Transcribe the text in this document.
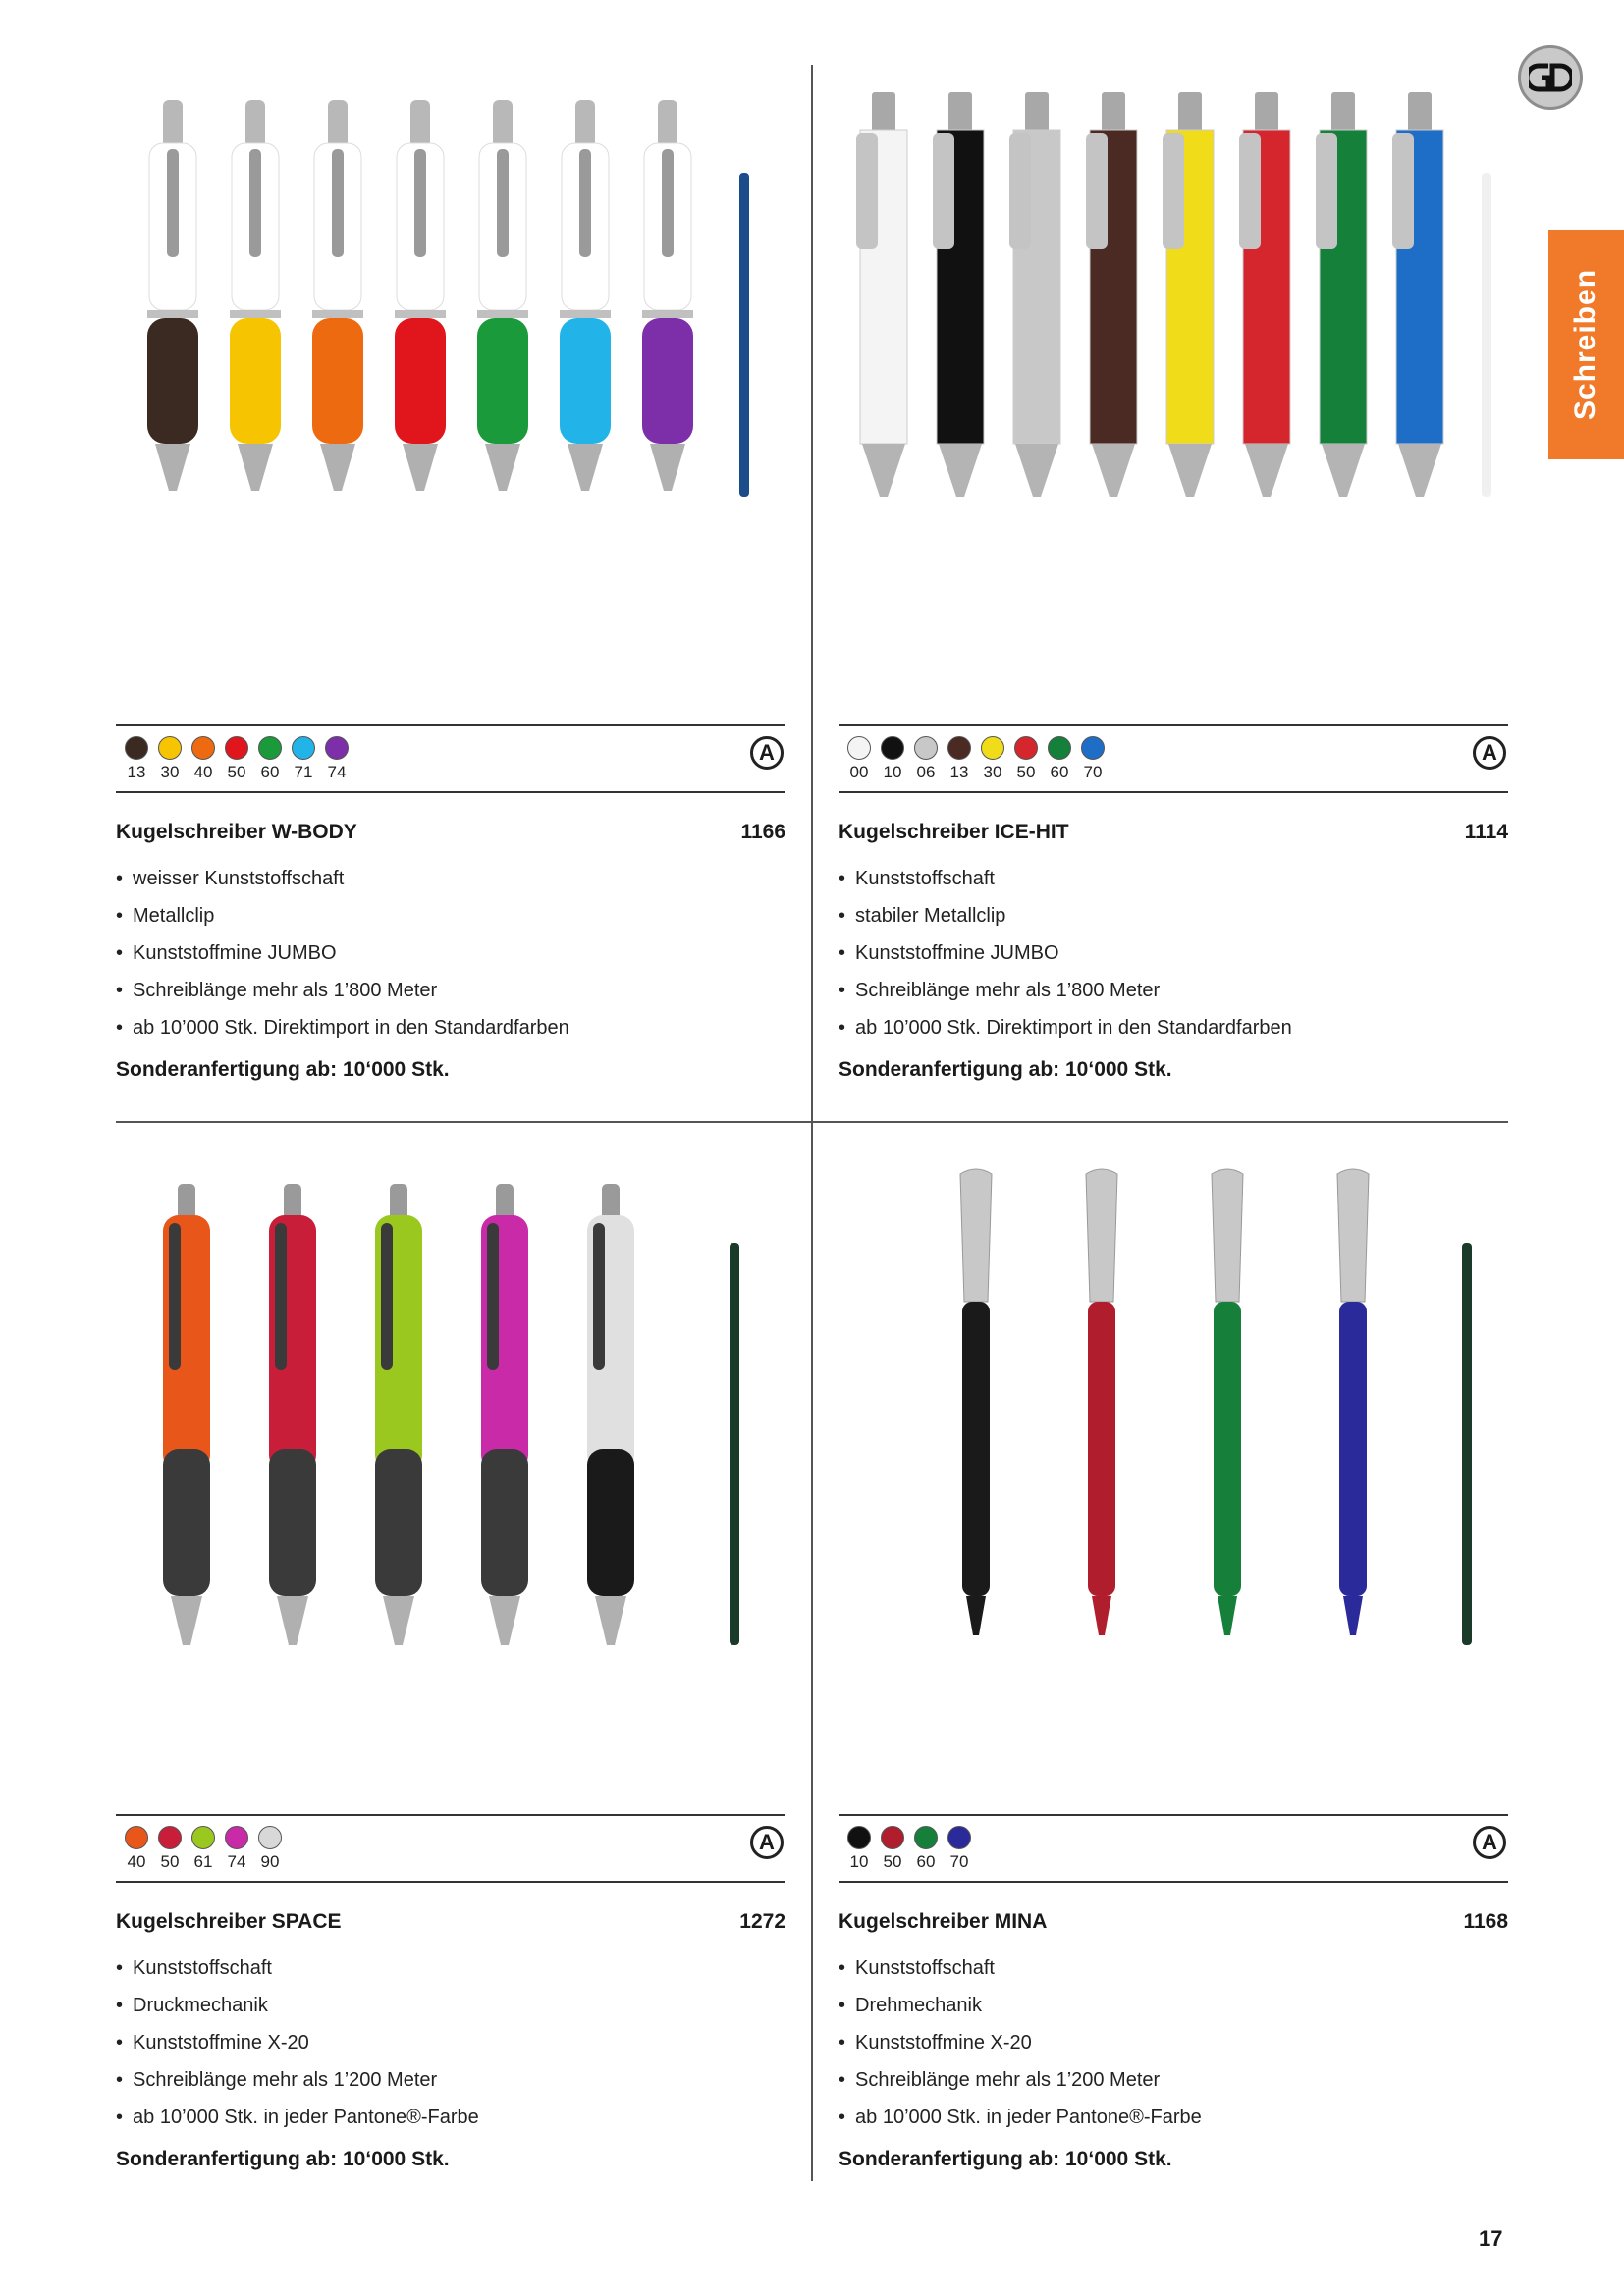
Schreiben
13 30 40 50 60 71 74
A
Kugelschreiber W-BODY	1166
• weisser Kunststoffschaft
• Metallclip
• Kunststoffmine JUMBO
• Schreiblänge mehr als 1’800 Meter
• ab 10’000 Stk. Direktimport in den Standardfarben
Sonderanfertigung ab: 10‘000 Stk.
00 10 06 13 30 50 60 70
A
Kugelschreiber ICE-HIT	1114
• Kunststoffschaft
• stabiler Metallclip
• Kunststoffmine JUMBO
• Schreiblänge mehr als 1’800 Meter
• ab 10’000 Stk. Direktimport in den Standardfarben
Sonderanfertigung ab: 10‘000 Stk.
40 50 61 74 90
A
Kugelschreiber SPACE	1272
• Kunststoffschaft
• Druckmechanik
• Kunststoffmine X-20
• Schreiblänge mehr als 1’200 Meter
• ab 10’000 Stk. in jeder Pantone®-Farbe
Sonderanfertigung ab: 10‘000 Stk.
10 50 60 70
A
Kugelschreiber MINA	1168
• Kunststoffschaft
• Drehmechanik
• Kunststoffmine X-20
• Schreiblänge mehr als 1’200 Meter
• ab 10’000 Stk. in jeder Pantone®-Farbe
Sonderanfertigung ab: 10‘000 Stk.
17
